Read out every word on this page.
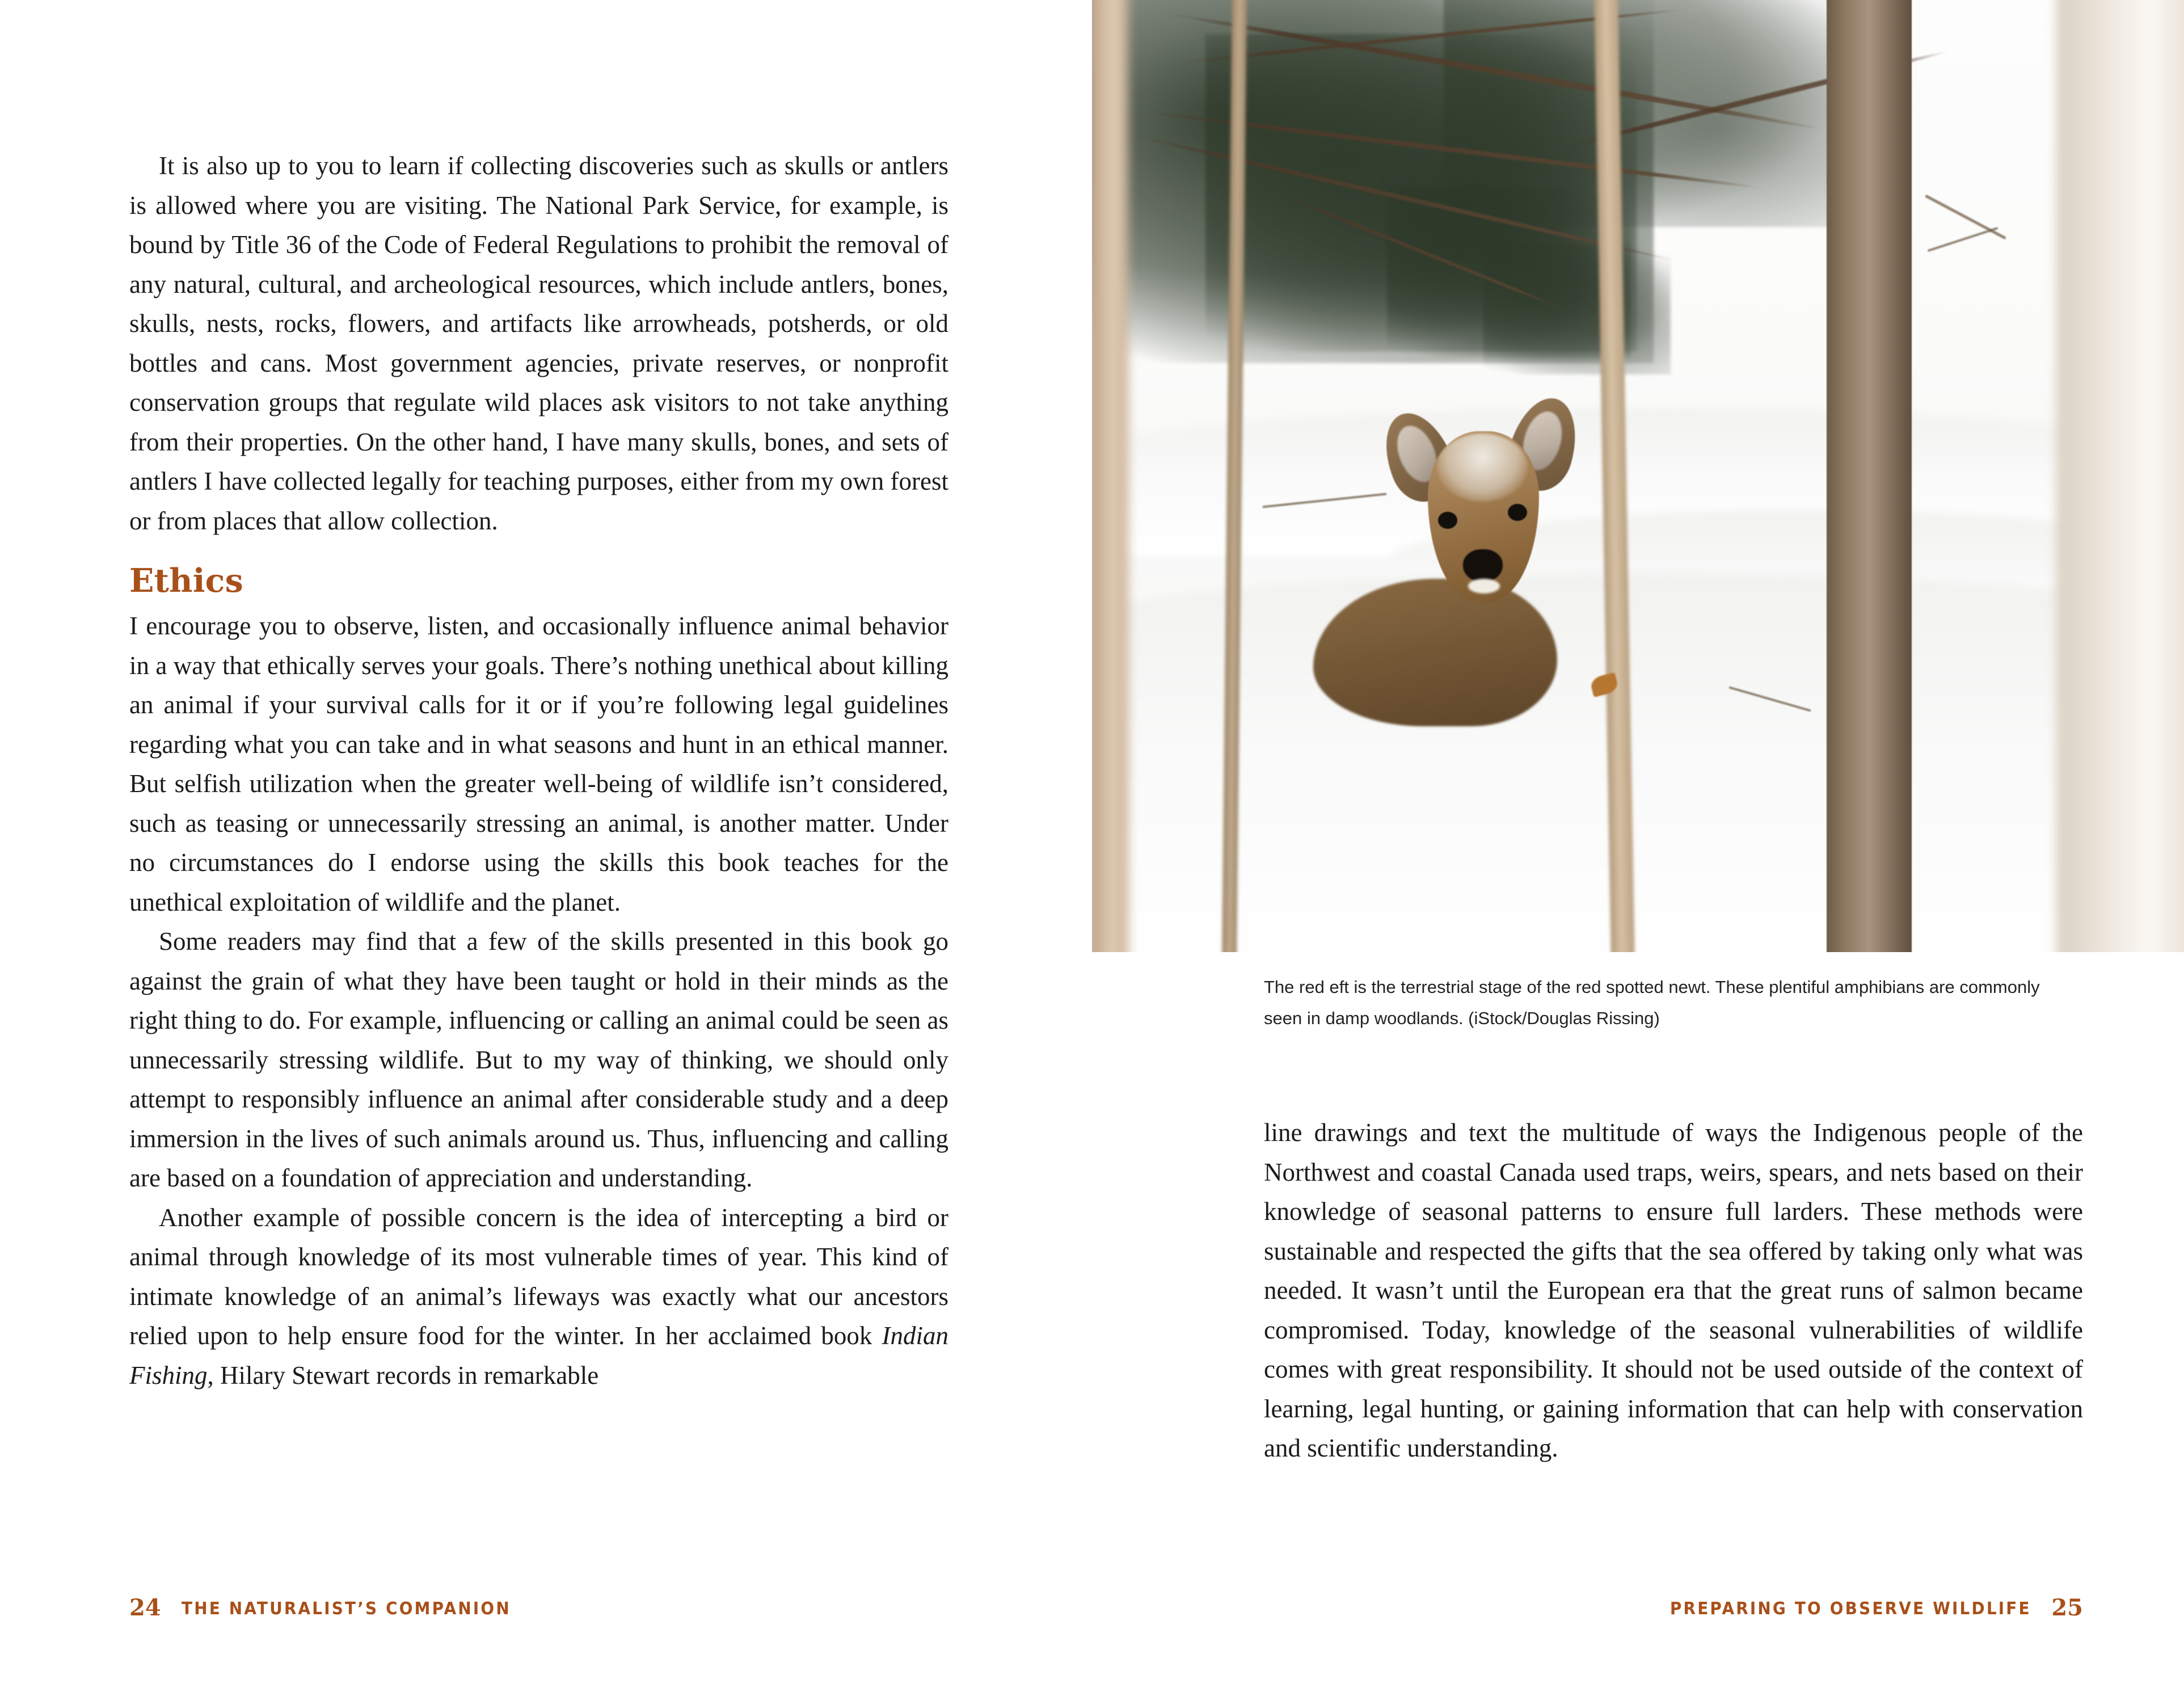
It is also up to you to learn if collecting discoveries such as skulls or antlers is allowed where you are visiting. The National Park Service, for example, is bound by Title 36 of the Code of Federal Regulations to prohibit the removal of any natural, cultural, and archeological resources, which include antlers, bones, skulls, nests, rocks, flowers, and artifacts like arrowheads, potsherds, or old bottles and cans. Most government agencies, private reserves, or nonprofit conservation groups that regulate wild places ask visitors to not take anything from their properties. On the other hand, I have many skulls, bones, and sets of antlers I have collected legally for teaching purposes, either from my own forest or from places that allow collection.

Ethics

I encourage you to observe, listen, and occasionally influence animal behavior in a way that ethically serves your goals. There’s nothing unethical about killing an animal if your survival calls for it or if you’re following legal guidelines regarding what you can take and in what seasons and hunt in an ethical manner. But selfish utilization when the greater well-being of wildlife isn’t considered, such as teasing or unnecessarily stressing an animal, is another matter. Under no circumstances do I endorse using the skills this book teaches for the unethical exploitation of wildlife and the planet.

Some readers may find that a few of the skills presented in this book go against the grain of what they have been taught or hold in their minds as the right thing to do. For example, influencing or calling an animal could be seen as unnecessarily stressing wildlife. But to my way of thinking, we should only attempt to responsibly influence an animal after considerable study and a deep immersion in the lives of such animals around us. Thus, influencing and calling are based on a foundation of appreciation and understanding.

Another example of possible concern is the idea of intercepting a bird or animal through knowledge of its most vulnerable times of year. This kind of intimate knowledge of an animal’s lifeways was exactly what our ancestors relied upon to help ensure food for the winter. In her acclaimed book Indian Fishing, Hilary Stewart records in remarkable

24 THE NATURALIST’S COMPANION
The red eft is the terrestrial stage of the red spotted newt. These plentiful amphibians are commonly seen in damp woodlands. (iStock/Douglas Rissing)

line drawings and text the multitude of ways the Indigenous people of the Northwest and coastal Canada used traps, weirs, spears, and nets based on their knowledge of seasonal patterns to ensure full larders. These methods were sustainable and respected the gifts that the sea offered by taking only what was needed. It wasn’t until the European era that the great runs of salmon became compromised. Today, knowledge of the seasonal vulnerabilities of wildlife comes with great responsibility. It should not be used outside of the context of learning, legal hunting, or gaining information that can help with conservation and scientific understanding.

PREPARING TO OBSERVE WILDLIFE 25
